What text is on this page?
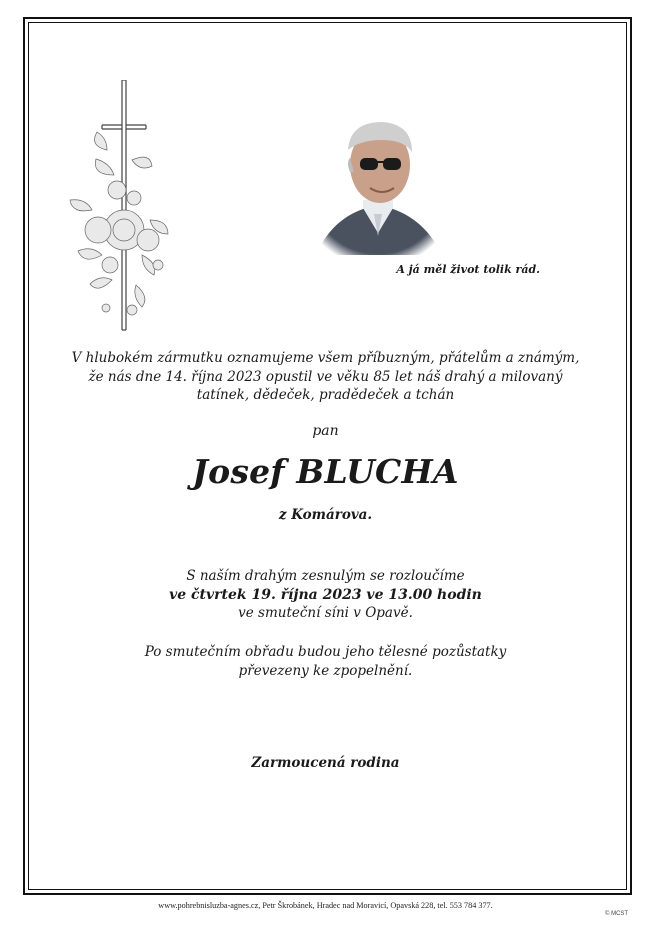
A já měl život tolik rád.
V hlubokém zármutku oznamujeme všem příbuzným, přátelům a známým,
že nás dne 14. října 2023 opustil ve věku 85 let náš drahý a milovaný
tatínek, dědeček, pradědeček a tchán
pan
Josef BLUCHA
z Komárova.
S naším drahým zesnulým se rozloučíme
ve čtvrtek 19. října 2023 ve 13.00 hodin
ve smuteční síni v Opavě.
Po smutečním obřadu budou jeho tělesné pozůstatky
převezeny ke zpopelnění.
Zarmoucená rodina
www.pohrebnisluzba-agnes.cz, Petr Škrobánek, Hradec nad Moravicí, Opavská 228, tel. 553 784 377.
© MCST
